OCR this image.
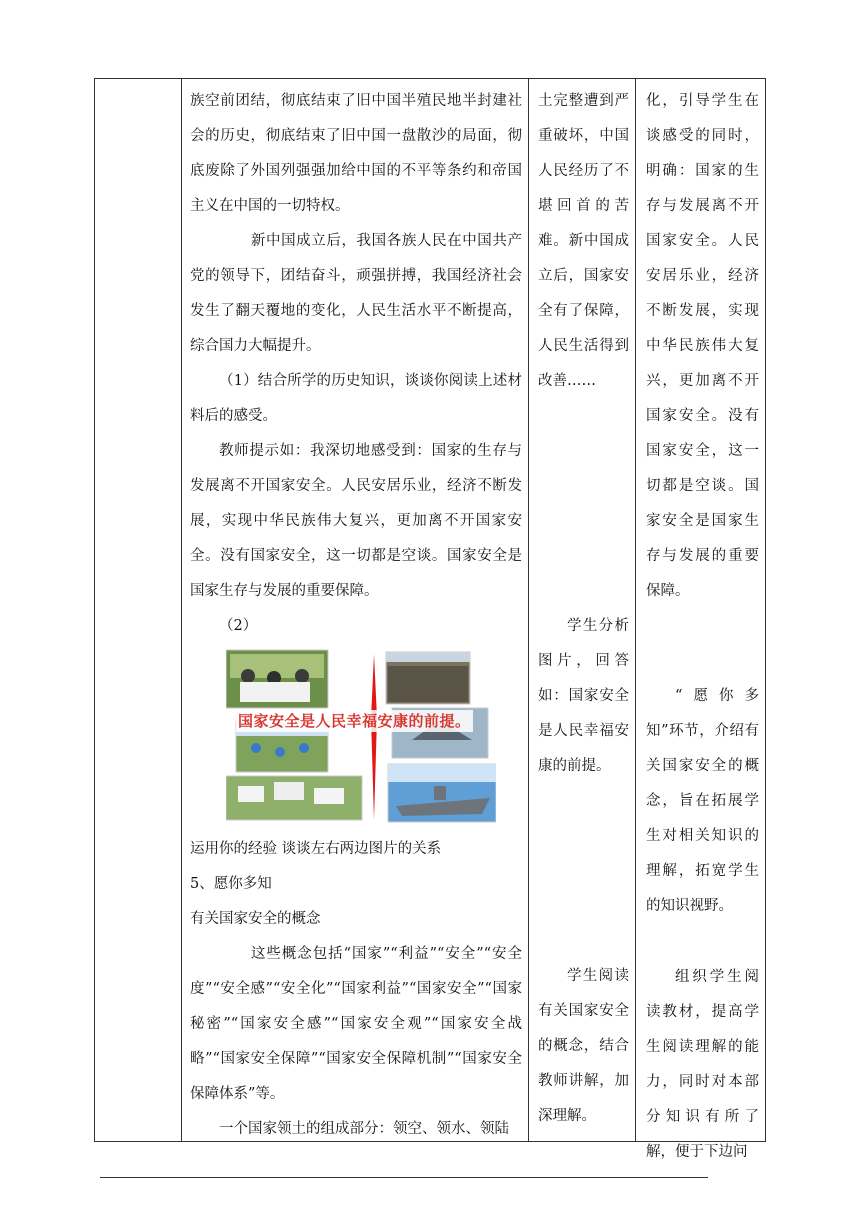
族空前团结，彻底结束了旧中国半殖民地半封建社会的历史，彻底结束了旧中国一盘散沙的局面，彻底废除了外国列强强加给中国的不平等条约和帝国主义在中国的一切特权。

新中国成立后，我国各族人民在中国共产党的领导下，团结奋斗，顽强拼搏，我国经济社会发生了翻天覆地的变化，人民生活水平不断提高，综合国力大幅提升。

（1）结合所学的历史知识，谈谈你阅读上述材料后的感受。

教师提示如：我深切地感受到：国家的生存与发展离不开国家安全。人民安居乐业，经济不断发展，实现中华民族伟大复兴，更加离不开国家安全。没有国家安全，这一切都是空谈。国家安全是国家生存与发展的重要保障。

（2）

国家安全是人民幸福安康的前提。

运用你的经验 谈谈左右两边图片的关系

5、愿你多知

有关国家安全的概念

这些概念包括“国家”“利益”“安全”“安全度”“安全感”“安全化”“国家利益”“国家安全”“国家秘密”“国家安全感”“国家安全观”“国家安全战略”“国家安全保障”“国家安全保障机制”“国家安全保障体系”等。

一个国家领土的组成部分：领空、领水、领陆

土完整遭到严重破坏，中国人民经历了不堪回首的苦难。新中国成立后，国家安全有了保障，人民生活得到改善……

学生分析图片，回答如：国家安全是人民幸福安康的前提。

学生阅读有关国家安全的概念，结合教师讲解，加深理解。

化，引导学生在谈感受的同时，明确：国家的生存与发展离不开国家安全。人民安居乐业，经济不断发展，实现中华民族伟大复兴，更加离不开国家安全。没有国家安全，这一切都是空谈。国家安全是国家生存与发展的重要保障。

“愿你多知”环节，介绍有关国家安全的概念，旨在拓展学生对相关知识的理解，拓宽学生的知识视野。

组织学生阅读教材，提高学生阅读理解的能力，同时对本部分知识有所了解，便于下边问
